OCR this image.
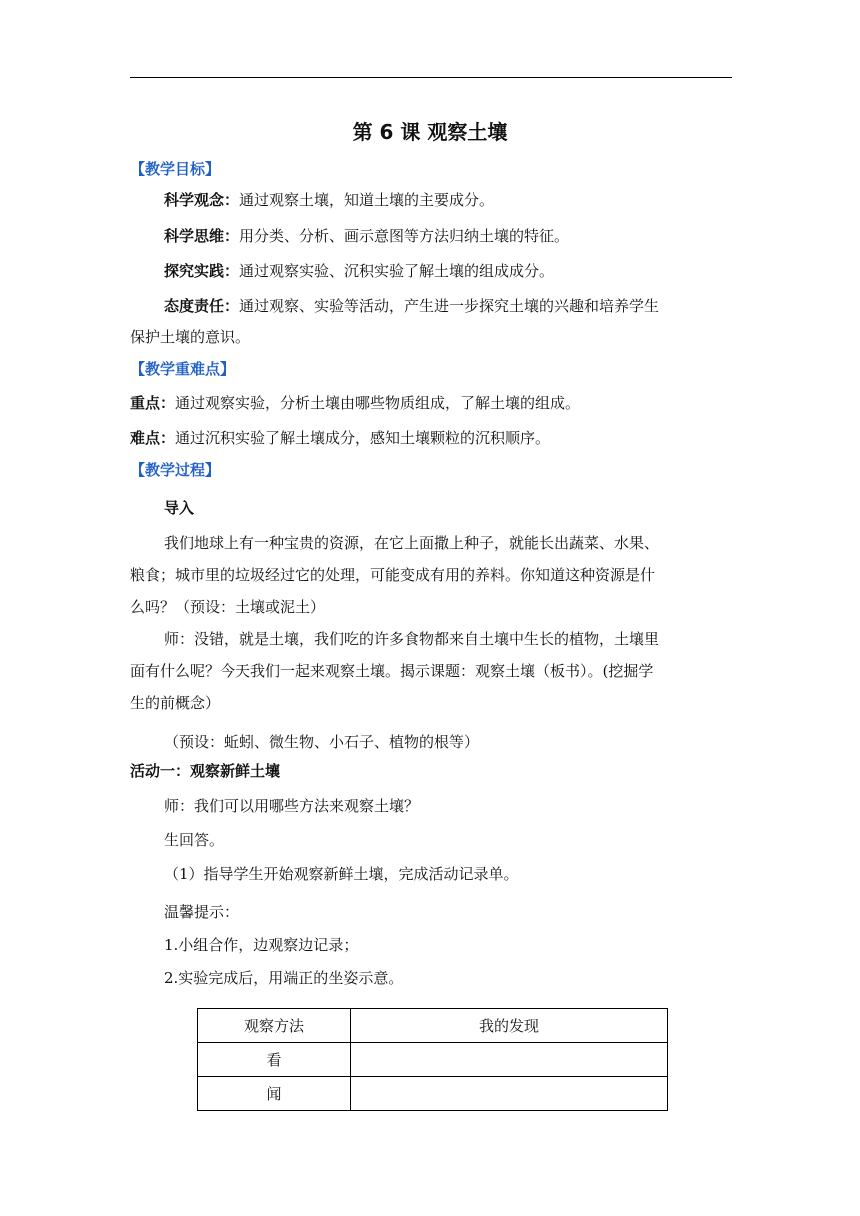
第 6 课 观察土壤
【教学目标】
科学观念：通过观察土壤，知道土壤的主要成分。
科学思维：用分类、分析、画示意图等方法归纳土壤的特征。
探究实践：通过观察实验、沉积实验了解土壤的组成成分。
态度责任：通过观察、实验等活动，产生进一步探究土壤的兴趣和培养学生
保护土壤的意识。
【教学重难点】
重点：通过观察实验，分析土壤由哪些物质组成，了解土壤的组成。
难点：通过沉积实验了解土壤成分，感知土壤颗粒的沉积顺序。
【教学过程】
导入
我们地球上有一种宝贵的资源，在它上面撒上种子，就能长出蔬菜、水果、
粮食；城市里的垃圾经过它的处理，可能变成有用的养料。你知道这种资源是什
么吗？（预设：土壤或泥土）
师：没错，就是土壤，我们吃的许多食物都来自土壤中生长的植物，土壤里
面有什么呢？今天我们一起来观察土壤。揭示课题：观察土壤（板书）。(挖掘学
生的前概念）
（预设：蚯蚓、微生物、小石子、植物的根等）
活动一：观察新鲜土壤
师：我们可以用哪些方法来观察土壤？
生回答。
（1）指导学生开始观察新鲜土壤，完成活动记录单。
温馨提示：
1.小组合作，边观察边记录；
2.实验完成后，用端正的坐姿示意。
观察方法	我的发现
看	
闻	
